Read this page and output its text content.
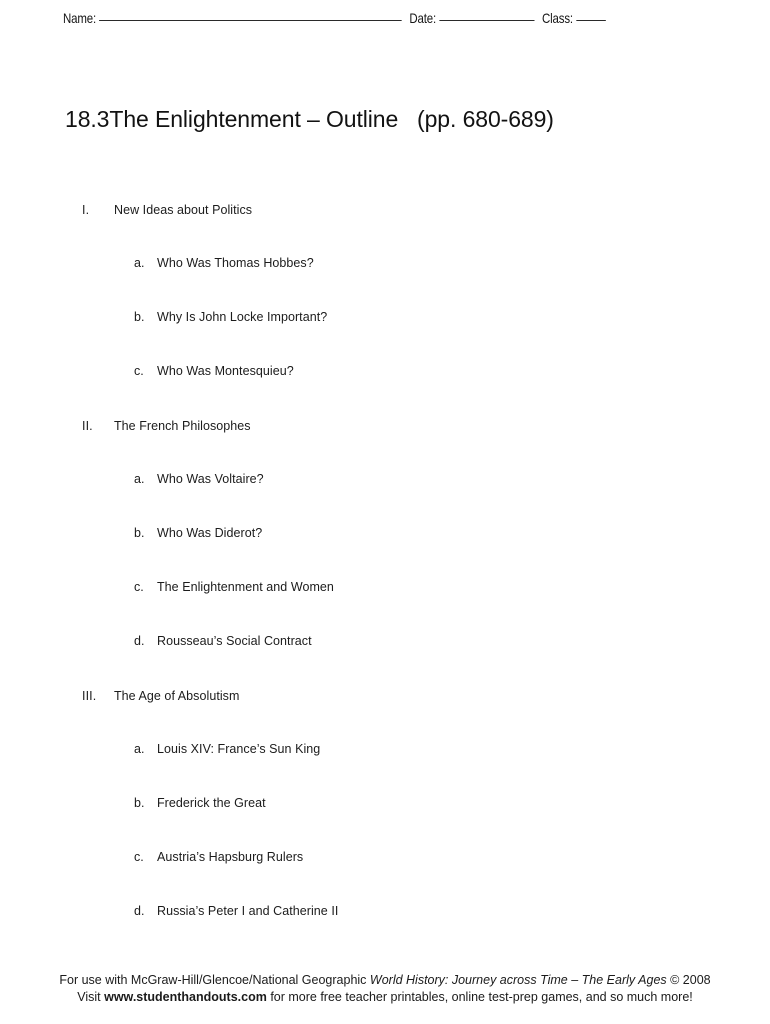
Name:	Date:	Class:
18.3The Enlightenment – Outline   (pp. 680-689)
I.	New Ideas about Politics
a.	Who Was Thomas Hobbes?
b.	Why Is John Locke Important?
c.	Who Was Montesquieu?
II.	The French Philosophes
a.	Who Was Voltaire?
b.	Who Was Diderot?
c.	The Enlightenment and Women
d.	Rousseau’s Social Contract
III.	The Age of Absolutism
a.	Louis XIV: France’s Sun King
b.	Frederick the Great
c.	Austria’s Hapsburg Rulers
d.	Russia’s Peter I and Catherine II
For use with McGraw-Hill/Glencoe/National Geographic World History: Journey across Time – The Early Ages © 2008
Visit www.studenthandouts.com for more free teacher printables, online test-prep games, and so much more!
